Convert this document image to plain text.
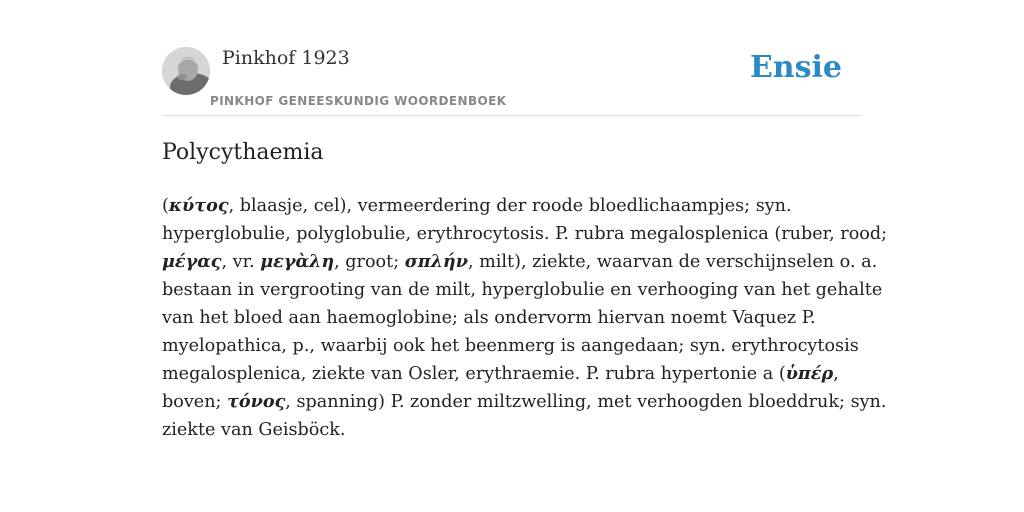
Pinkhof 1923
PINKHOF GENEESKUNDIG WOORDENBOEK
Ensie
Polycythaemia
(κύτος, blaasje, cel), vermeerdering der roode bloedlichaampjes; syn.
hyperglobulie, polyglobulie, erythrocytosis. P. rubra megalosplenica (ruber, rood;
μέγας, vr. μεγὰλη, groot; σπλήν, milt), ziekte, waarvan de verschijnselen o. a.
bestaan in vergrooting van de milt, hyperglobulie en verhooging van het gehalte
van het bloed aan haemoglobine; als ondervorm hiervan noemt Vaquez P.
myelopathica, p., waarbij ook het beenmerg is aangedaan; syn. erythrocytosis
megalosplenica, ziekte van Osler, erythraemie. P. rubra hypertonie a (ὑπέρ,
boven; τόνος, spanning) P. zonder miltzwelling, met verhoogden bloeddruk; syn.
ziekte van Geisböck.
